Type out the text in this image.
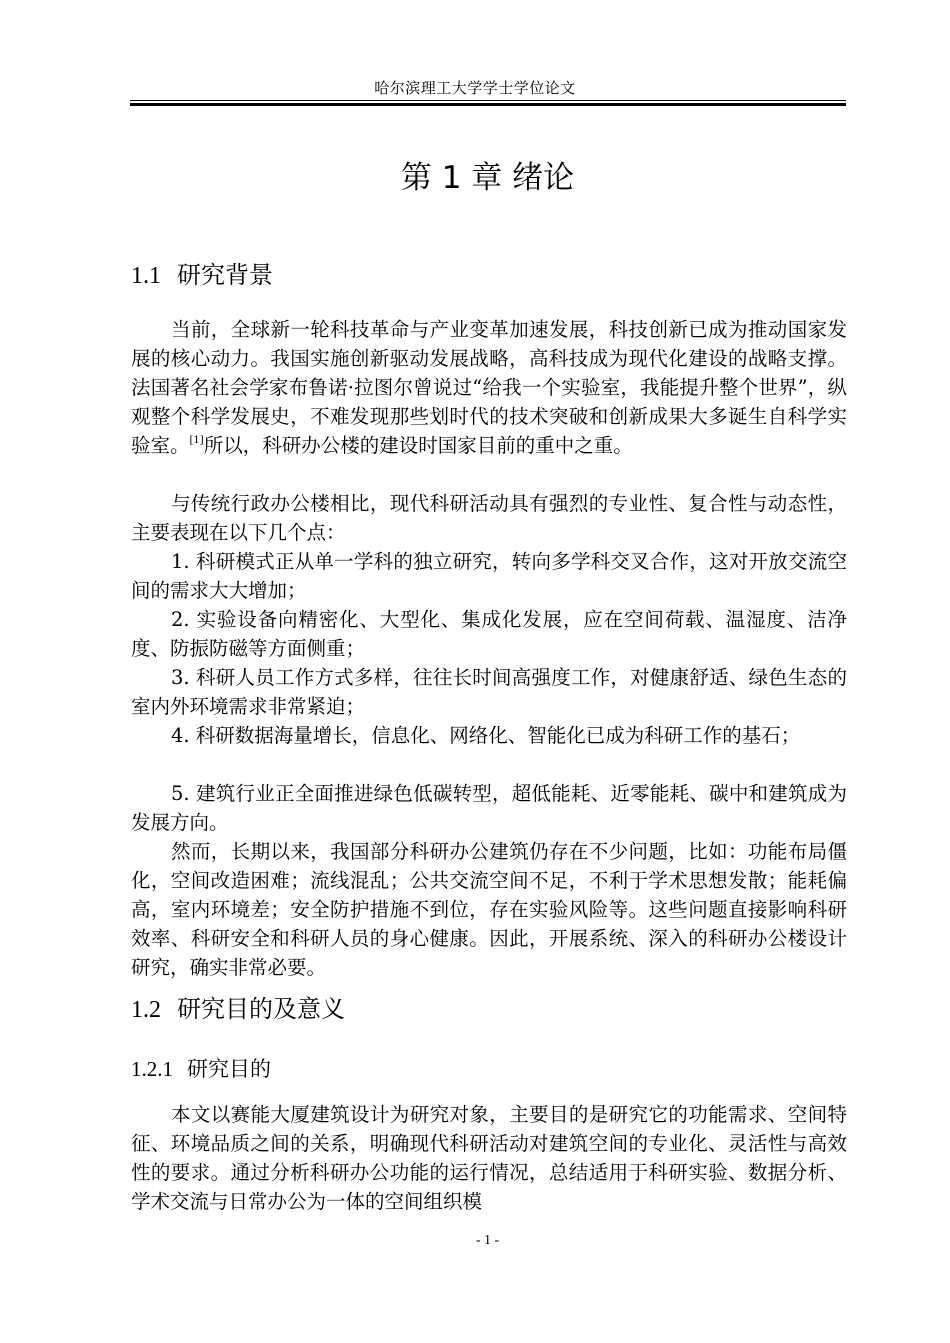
哈尔滨理工大学学士学位论文
第 1 章 绪论
1.1 研究背景
当前，全球新一轮科技革命与产业变革加速发展，科技创新已成为推动国家发展的核心动力。我国实施创新驱动发展战略，高科技成为现代化建设的战略支撑。法国著名社会学家布鲁诺·拉图尔曾说过“给我一个实验室，我能提升整个世界”，纵观整个科学发展史，不难发现那些划时代的技术突破和创新成果大多诞生自科学实验室。[1]所以，科研办公楼的建设时国家目前的重中之重。
与传统行政办公楼相比，现代科研活动具有强烈的专业性、复合性与动态性，主要表现在以下几个点：
1. 科研模式正从单一学科的独立研究，转向多学科交叉合作，这对开放交流空间的需求大大增加；
2. 实验设备向精密化、大型化、集成化发展，应在空间荷载、温湿度、洁净度、防振防磁等方面侧重；
3. 科研人员工作方式多样，往往长时间高强度工作，对健康舒适、绿色生态的室内外环境需求非常紧迫；
4. 科研数据海量增长，信息化、网络化、智能化已成为科研工作的基石；
5. 建筑行业正全面推进绿色低碳转型，超低能耗、近零能耗、碳中和建筑成为发展方向。
然而，长期以来，我国部分科研办公建筑仍存在不少问题，比如：功能布局僵化，空间改造困难；流线混乱；公共交流空间不足，不利于学术思想发散；能耗偏高，室内环境差；安全防护措施不到位，存在实验风险等。这些问题直接影响科研效率、科研安全和科研人员的身心健康。因此，开展系统、深入的科研办公楼设计研究，确实非常必要。
1.2 研究目的及意义
1.2.1 研究目的
本文以赛能大厦建筑设计为研究对象，主要目的是研究它的功能需求、空间特征、环境品质之间的关系，明确现代科研活动对建筑空间的专业化、灵活性与高效性的要求。通过分析科研办公功能的运行情况，总结适用于科研实验、数据分析、学术交流与日常办公为一体的空间组织模
- 1 -
